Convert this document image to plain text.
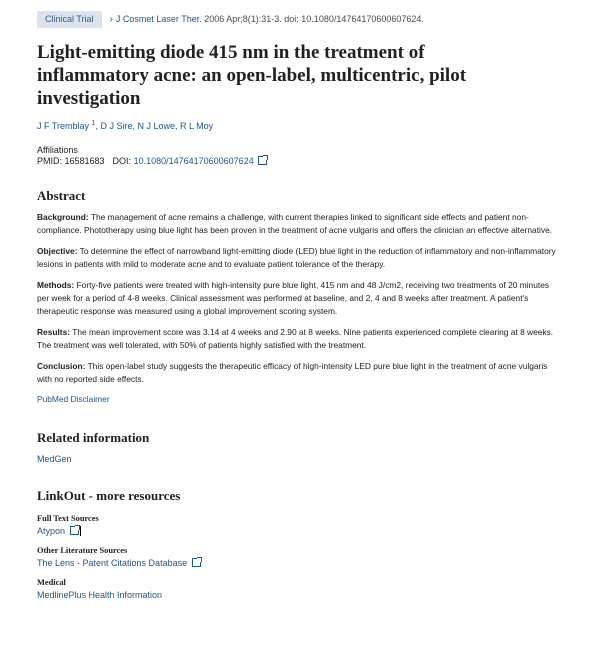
Clinical Trial	› J Cosmet Laser Ther. 2006 Apr;8(1):31-3. doi: 10.1080/14764170600607624.
Light-emitting diode 415 nm in the treatment of inflammatory acne: an open-label, multicentric, pilot investigation
J F Tremblay $^1$, D J Sire, N J Lowe, R L Moy
Affiliations
PMID: 16581683 DOI: 10.1080/14764170600607624
Abstract
Background: The management of acne remains a challenge, with current therapies linked to significant side effects and patient non-compliance. Phototherapy using blue light has been proven in the treatment of acne vulgaris and offers the clinician an effective alternative.
Objective: To determine the effect of narrowband light-emitting diode (LED) blue light in the reduction of inflammatory and non-inflammatory lesions in patients with mild to moderate acne and to evaluate patient tolerance of the therapy.
Methods: Forty-five patients were treated with high-intensity pure blue light, 415 nm and 48 J/cm2, receiving two treatments of 20 minutes per week for a period of 4-8 weeks. Clinical assessment was performed at baseline, and 2, 4 and 8 weeks after treatment. A patient's therapeutic response was measured using a global improvement scoring system.
Results: The mean improvement score was 3.14 at 4 weeks and 2.90 at 8 weeks. Nine patients experienced complete clearing at 8 weeks. The treatment was well tolerated, with 50% of patients highly satisfied with the treatment.
Conclusion: This open-label study suggests the therapeutic efficacy of high-intensity LED pure blue light in the treatment of acne vulgaris with no reported side effects.
PubMed Disclaimer
Related information
MedGen
LinkOut - more resources
Full Text Sources
Atypon
Other Literature Sources
The Lens - Patent Citations Database
Medical
MedlinePlus Health Information
